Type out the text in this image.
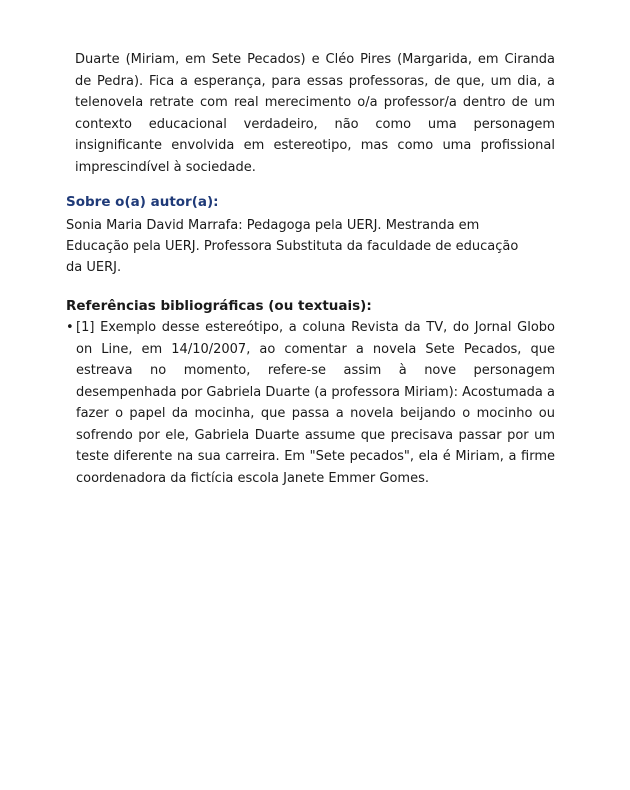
Duarte (Miriam, em Sete Pecados) e Cléo Pires (Margarida, em Ciranda de Pedra). Fica a esperança, para essas professoras, de que, um dia, a telenovela retrate com real merecimento o/a professor/a dentro de um contexto educacional verdadeiro, não como uma personagem insignificante envolvida em estereotipo, mas como uma profissional imprescindível à sociedade.

Sobre o(a) autor(a):

Sonia Maria David Marrafa: Pedagoga pela UERJ. Mestranda em

Educação pela UERJ. Professora Substituta da faculdade de educação

da UERJ.

Referências bibliográficas (ou textuais):
• [1] Exemplo desse estereótipo, a coluna Revista da TV, do Jornal Globo on Line, em 14/10/2007, ao comentar a novela Sete Pecados, que estreava no momento, refere-se assim à nove personagem desempenhada por Gabriela Duarte (a professora Miriam): Acostumada a fazer o papel da mocinha, que passa a novela beijando o mocinho ou sofrendo por ele, Gabriela Duarte assume que precisava passar por um teste diferente na sua carreira. Em "Sete pecados", ela é Miriam, a firme coordenadora da fictícia escola Janete Emmer Gomes.
